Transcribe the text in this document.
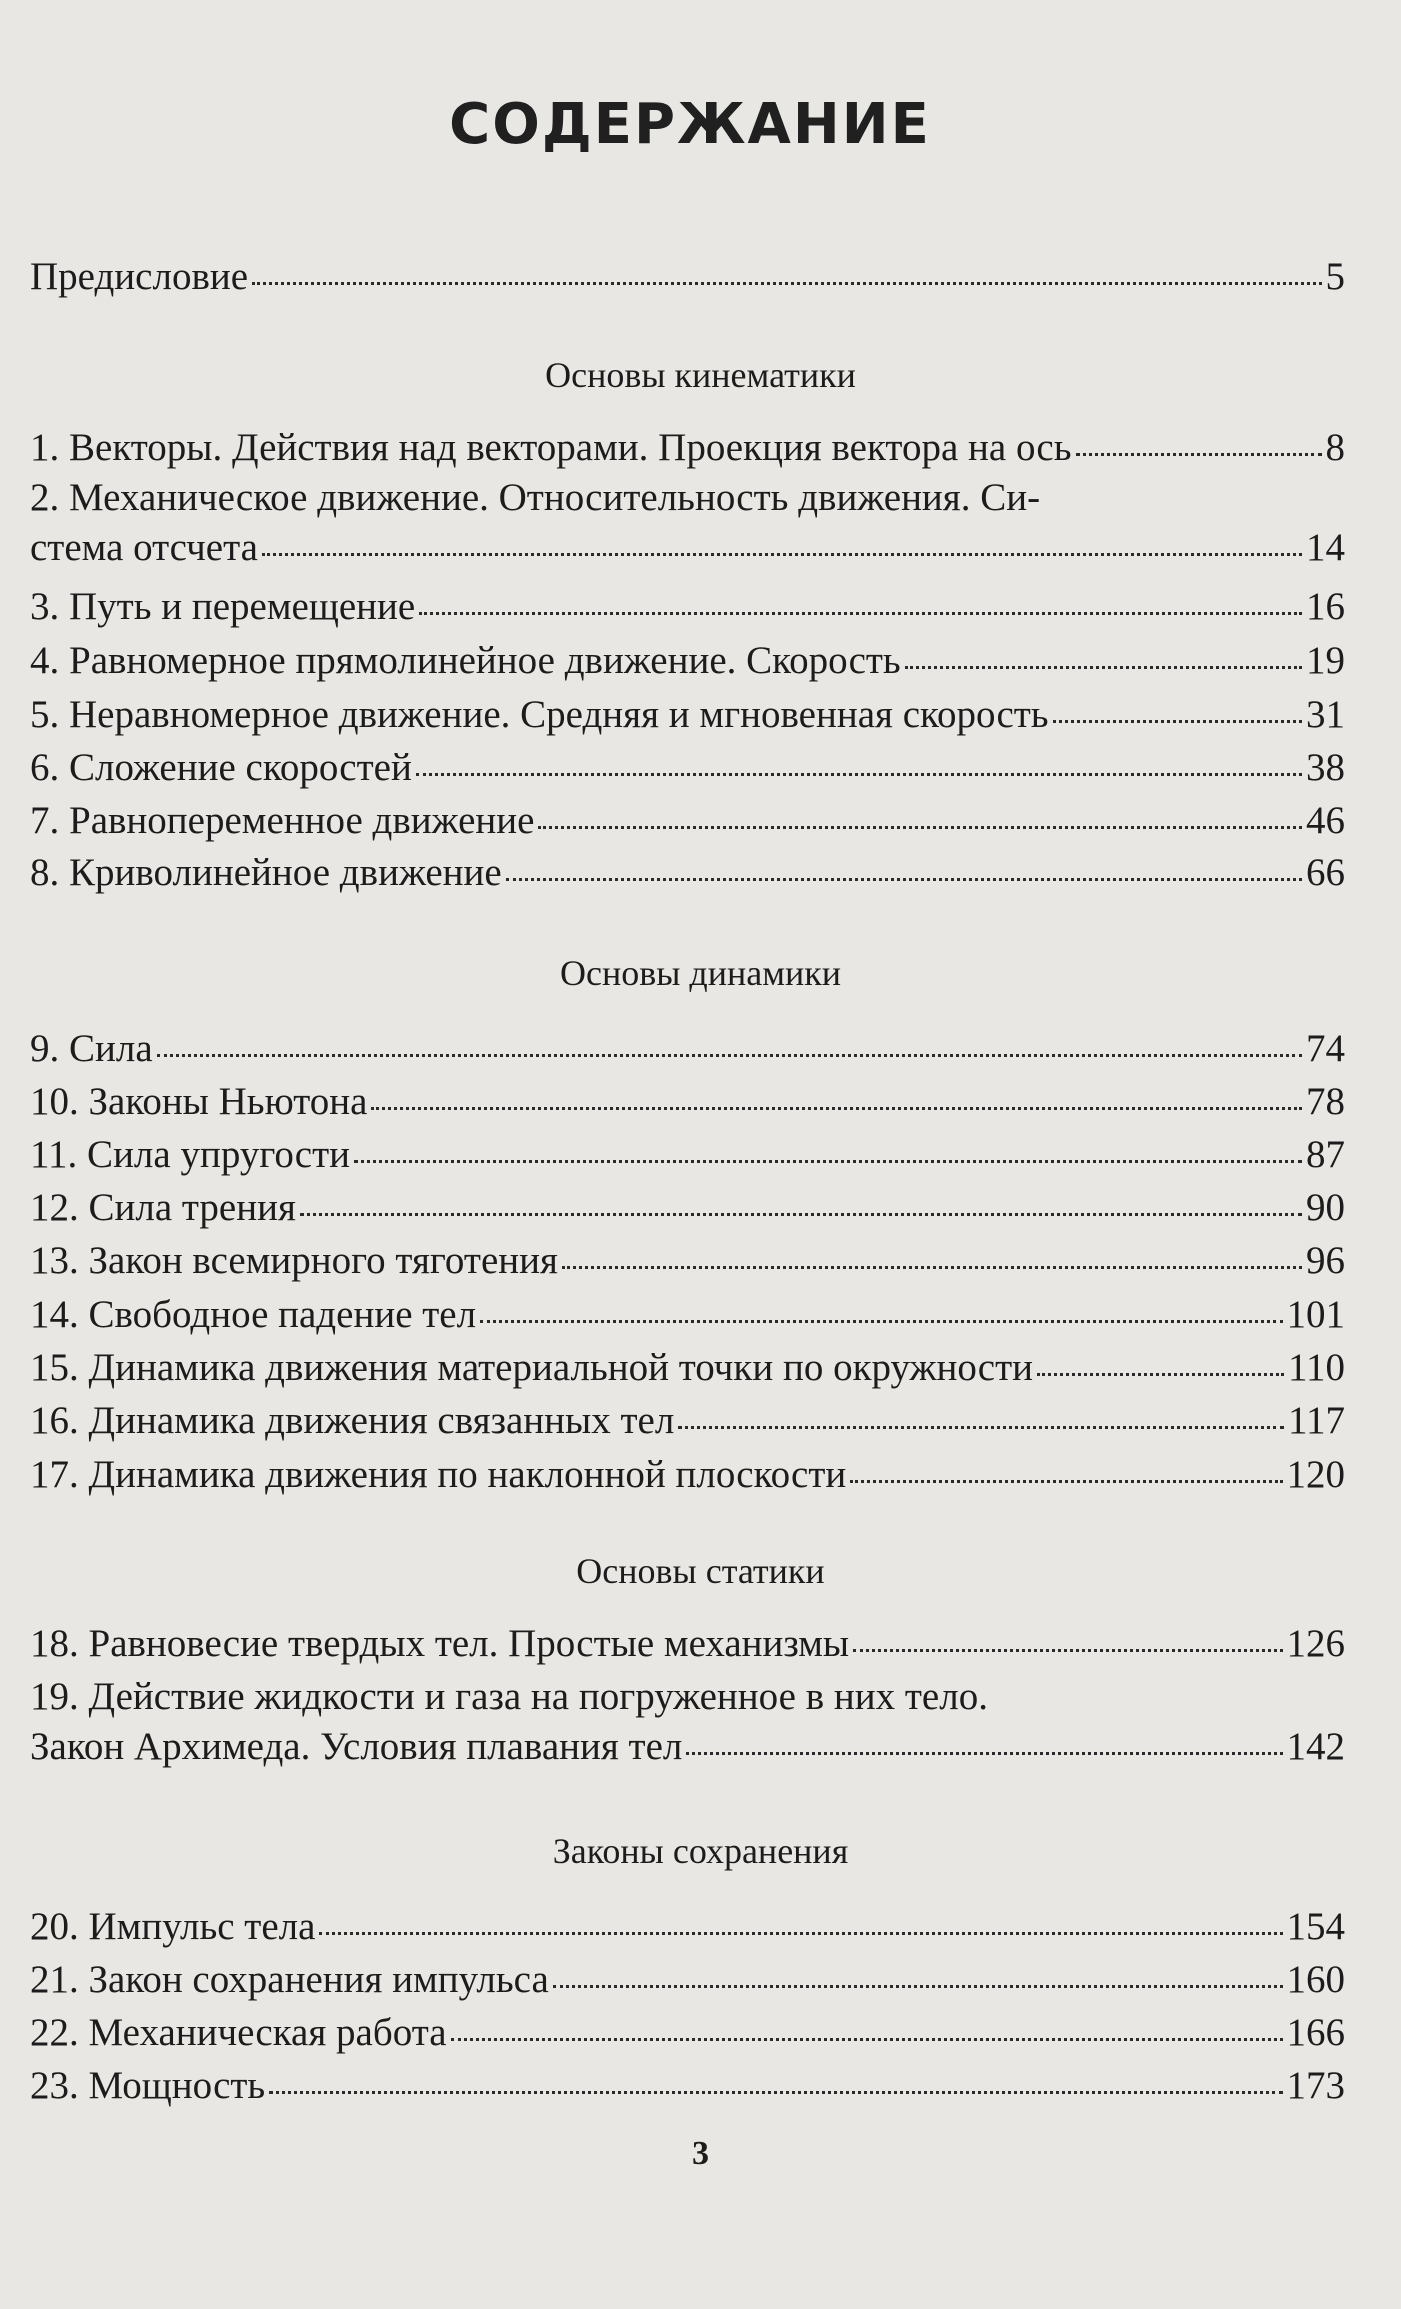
СОДЕРЖАНИЕ
Предисловие	5
Основы кинематики
1. Векторы. Действия над векторами. Проекция вектора на ось	8
2. Механическое движение. Относительность движения. Си-
стема отсчета	14
3. Путь и перемещение	16
4. Равномерное прямолинейное движение. Скорость	19
5. Неравномерное движение. Средняя и мгновенная скорость	31
6. Сложение скоростей	38
7. Равнопеременное движение	46
8. Криволинейное движение	66
Основы динамики
9. Сила	74
10. Законы Ньютона	78
11. Сила упругости	87
12. Сила трения	90
13. Закон всемирного тяготения	96
14. Свободное падение тел	101
15. Динамика движения материальной точки по окружности	110
16. Динамика движения связанных тел	117
17. Динамика движения по наклонной плоскости	120
Основы статики
18. Равновесие твердых тел. Простые механизмы	126
19. Действие жидкости и газа на погруженное в них тело.
Закон Архимеда. Условия плавания тел	142
Законы сохранения
20. Импульс тела	154
21. Закон сохранения импульса	160
22. Механическая работа	166
23. Мощность	173
3
